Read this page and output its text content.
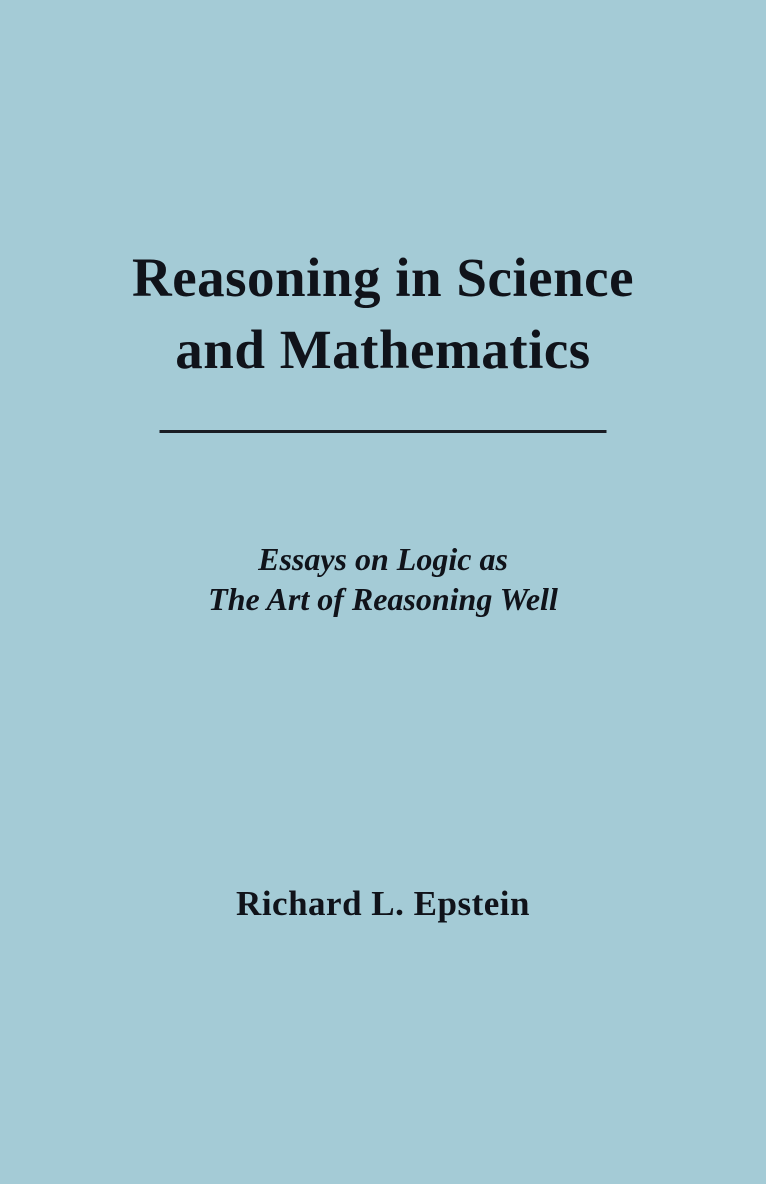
Reasoning in Science
and Mathematics
Essays on Logic as
The Art of Reasoning Well
Richard L. Epstein
